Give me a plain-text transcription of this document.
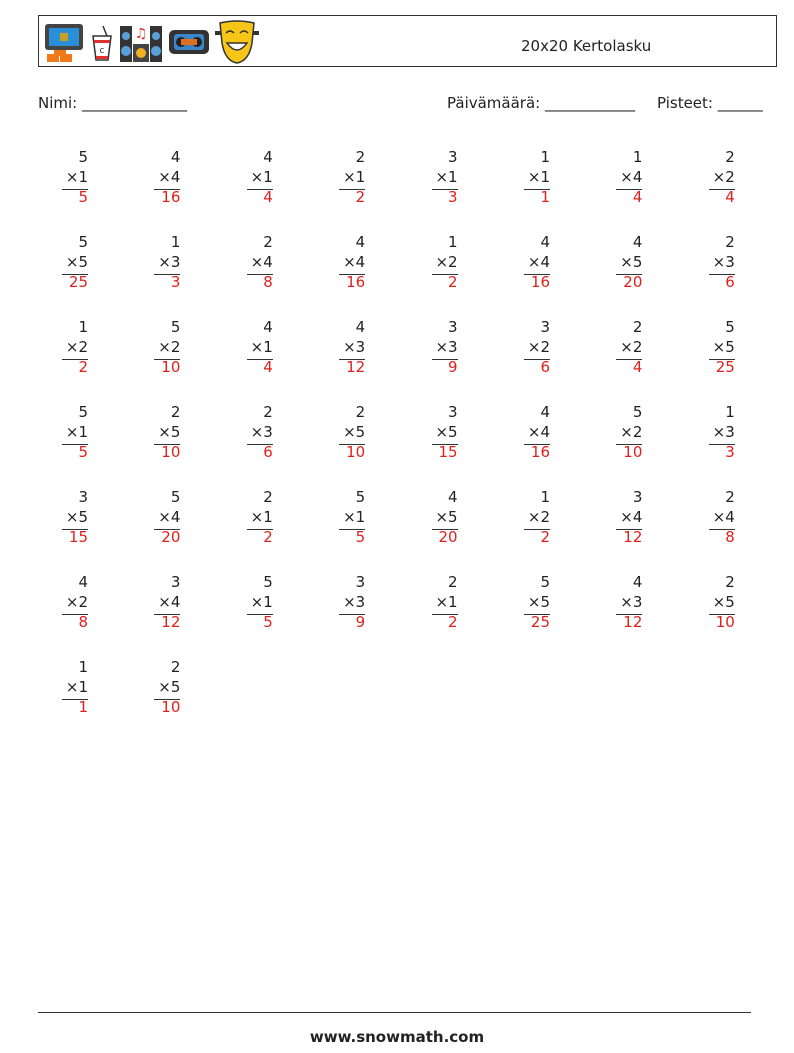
c
♫
20x20 Kertolasku
Nimi: ______________	Päivämäärä: ____________ Pisteet: ______
5
×1
5
4
×4
16
4
×1
4
2
×1
2
3
×1
3
1
×1
1
1
×4
4
2
×2
4
5
×5
25
1
×3
3
2
×4
8
4
×4
16
1
×2
2
4
×4
16
4
×5
20
2
×3
6
1
×2
2
5
×2
10
4
×1
4
4
×3
12
3
×3
9
3
×2
6
2
×2
4
5
×5
25
5
×1
5
2
×5
10
2
×3
6
2
×5
10
3
×5
15
4
×4
16
5
×2
10
1
×3
3
3
×5
15
5
×4
20
2
×1
2
5
×1
5
4
×5
20
1
×2
2
3
×4
12
2
×4
8
4
×2
8
3
×4
12
5
×1
5
3
×3
9
2
×1
2
5
×5
25
4
×3
12
2
×5
10
1
×1
1
2
×5
10
www.snowmath.com
